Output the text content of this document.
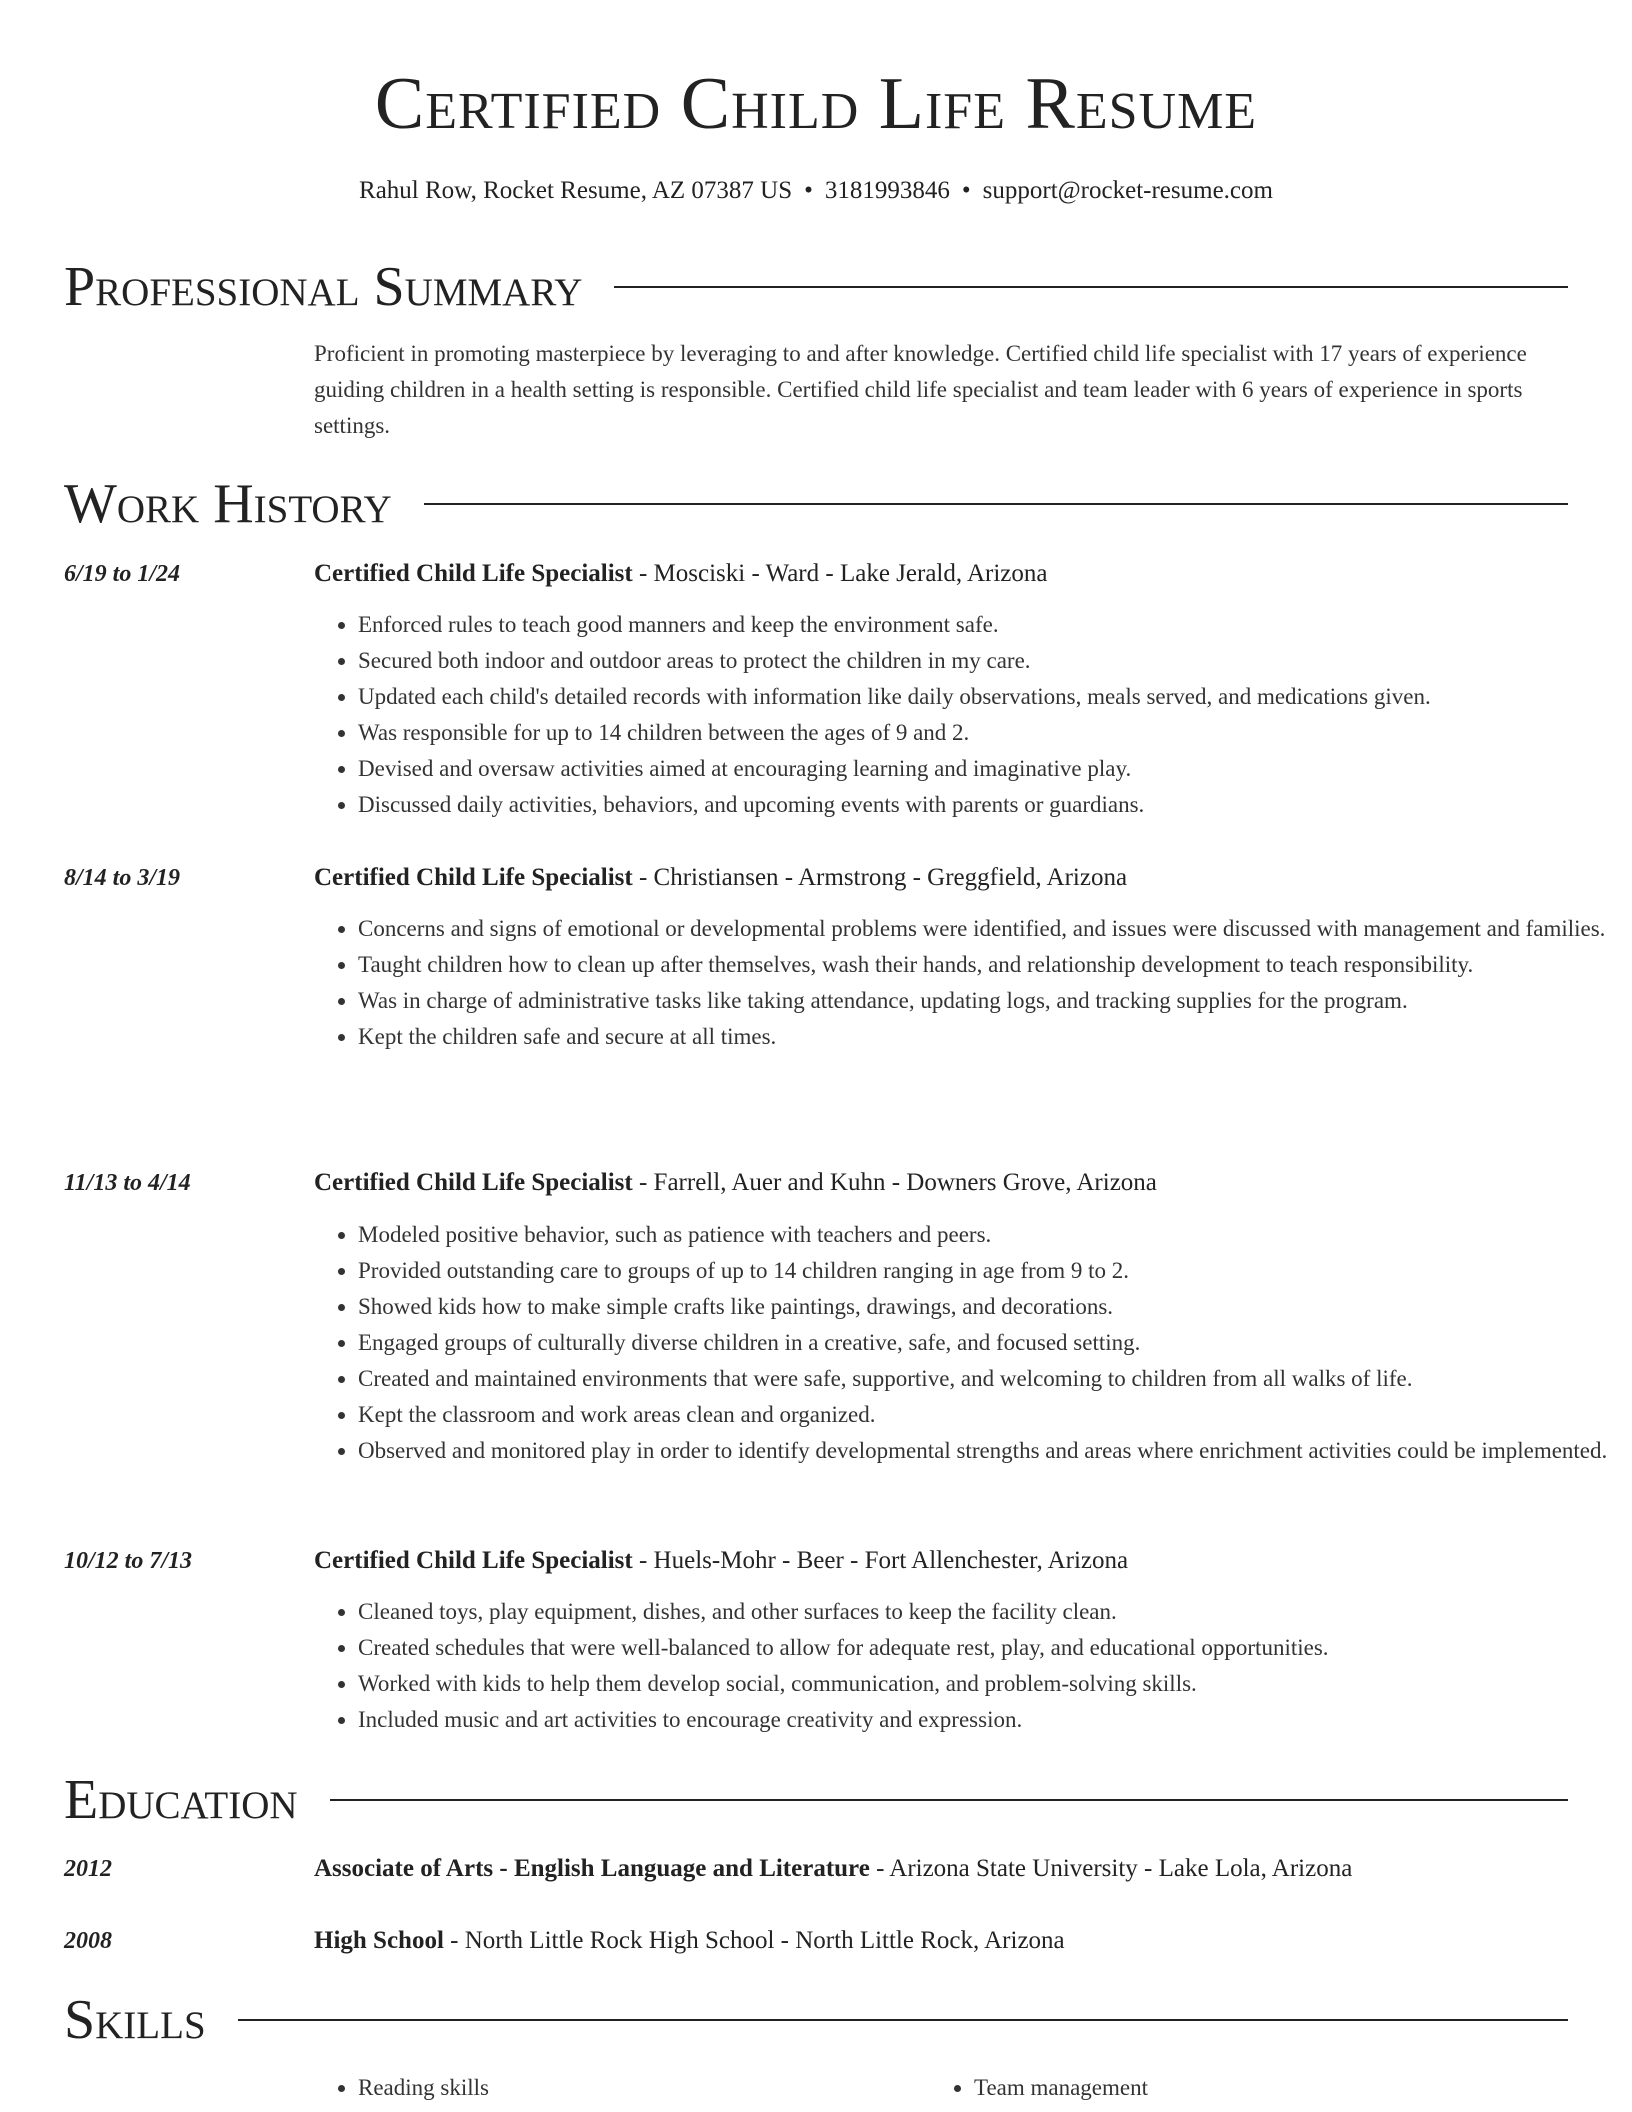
Certified Child Life Resume
Rahul Row, Rocket Resume, AZ 07387 US • 3181993846 • support@rocket-resume.com
Professional Summary

Proficient in promoting masterpiece by leveraging to and after knowledge. Certified child life specialist with 17 years of experience guiding children in a health setting is responsible. Certified child life specialist and team leader with 6 years of experience in sports settings.

Work History
6/19 to 1/24	Certified Child Life Specialist - Mosciski - Ward - Lake Jerald, Arizona
• Enforced rules to teach good manners and keep the environment safe.
• Secured both indoor and outdoor areas to protect the children in my care.
• Updated each child's detailed records with information like daily observations, meals served, and medications given.
• Was responsible for up to 14 children between the ages of 9 and 2.
• Devised and oversaw activities aimed at encouraging learning and imaginative play.
• Discussed daily activities, behaviors, and upcoming events with parents or guardians.
8/14 to 3/19	Certified Child Life Specialist - Christiansen - Armstrong - Greggfield, Arizona
• Concerns and signs of emotional or developmental problems were identified, and issues were discussed with management and families.
• Taught children how to clean up after themselves, wash their hands, and relationship development to teach responsibility.
• Was in charge of administrative tasks like taking attendance, updating logs, and tracking supplies for the program.
• Kept the children safe and secure at all times.
11/13 to 4/14	Certified Child Life Specialist - Farrell, Auer and Kuhn - Downers Grove, Arizona
• Modeled positive behavior, such as patience with teachers and peers.
• Provided outstanding care to groups of up to 14 children ranging in age from 9 to 2.
• Showed kids how to make simple crafts like paintings, drawings, and decorations.
• Engaged groups of culturally diverse children in a creative, safe, and focused setting.
• Created and maintained environments that were safe, supportive, and welcoming to children from all walks of life.
• Kept the classroom and work areas clean and organized.
• Observed and monitored play in order to identify developmental strengths and areas where enrichment activities could be implemented.
10/12 to 7/13	Certified Child Life Specialist - Huels-Mohr - Beer - Fort Allenchester, Arizona
• Cleaned toys, play equipment, dishes, and other surfaces to keep the facility clean.
• Created schedules that were well-balanced to allow for adequate rest, play, and educational opportunities.
• Worked with kids to help them develop social, communication, and problem-solving skills.
• Included music and art activities to encourage creativity and expression.
Education
2012	Associate of Arts - English Language and Literature - Arizona State University - Lake Lola, Arizona
2008	High School - North Little Rock High School - North Little Rock, Arizona
Skills
• Reading skills
•	Team management
